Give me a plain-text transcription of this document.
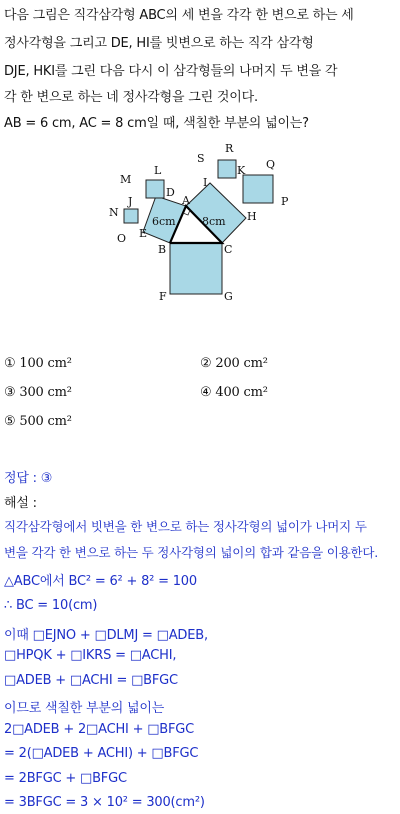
다음 그림은 직각삼각형 ABC의 세 변을 각각 한 변으로 하는 세
정사각형을 그리고 DE, HI를 빗변으로 하는 직각 삼각형
DJE, HKI를 그린 다음 다시 이 삼각형들의 나머지 두 변을 각
각 한 변으로 하는 네 정사각형을 그린 것이다.
AB = 6 cm, AC = 8 cm일 때, 색칠한 부분의 넓이는?
A
B	C
D
E
F	G
H
I
J
K
L
M
N
O
P
Q
R
S
6cm 8cm
① 100 cm²	② 200 cm²
③ 300 cm²	④ 400 cm²
⑤ 500 cm²
정답 : ③
해설 :
직각삼각형에서 빗변을 한 변으로 하는 정사각형의 넓이가 나머지 두
변을 각각 한 변으로 하는 두 정사각형의 넓이의 합과 같음을 이용한다.
△ABC에서 BC² = 6² + 8² = 100
∴ BC = 10(cm)
이때 □EJNO + □DLMJ = □ADEB,
□HPQK + □IKRS = □ACHI,
□ADEB + □ACHI = □BFGC
이므로 색칠한 부분의 넓이는
2□ADEB + 2□ACHI + □BFGC
= 2(□ADEB + ACHI) + □BFGC
= 2BFGC + □BFGC
= 3BFGC = 3 × 10² = 300(cm²)
